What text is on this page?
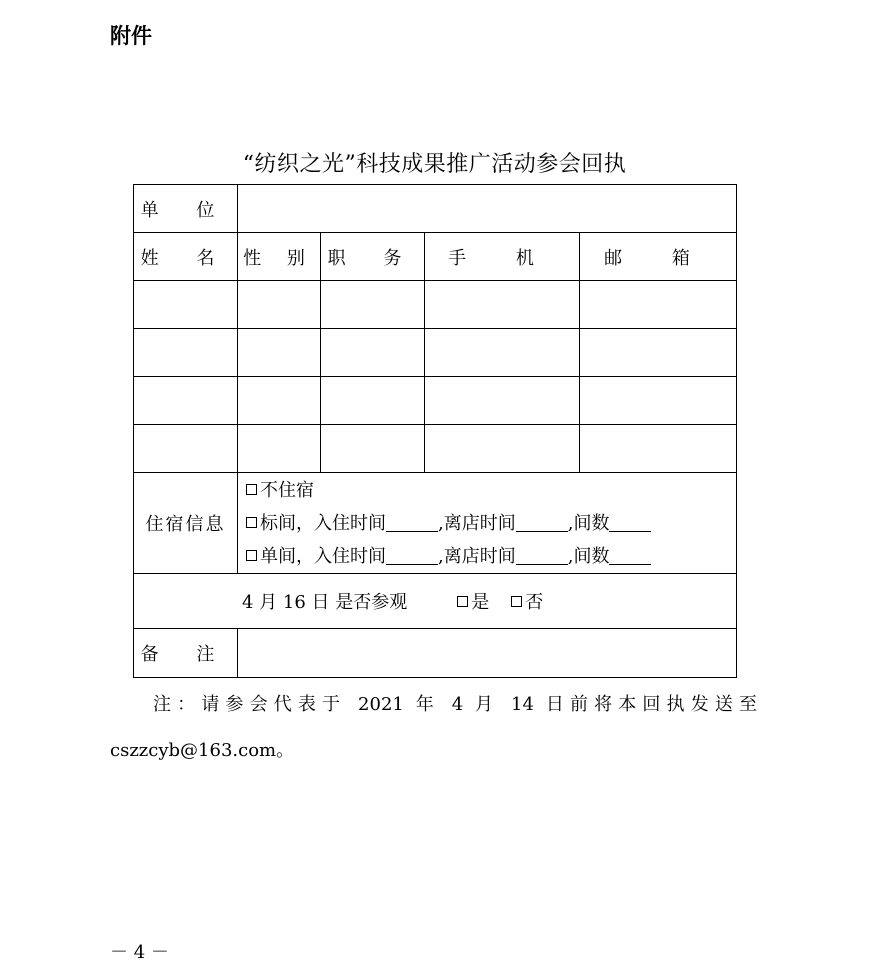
附件
“纺织之光”科技成果推广活动参会回执
单 位				
姓 名	性 别	职 务	手 机	邮 箱

住宿信息	不住宿
标间，入住时间 ,离店时间 ,间数
单间，入住时间 ,离店时间 ,间数			

4 月 16 日 是否参观 是 否				
备 注				
注：请参会代表于 2021 年 4 月 14 日前将本回执发送至
cszzcyb@163.com。
－ 4 －
